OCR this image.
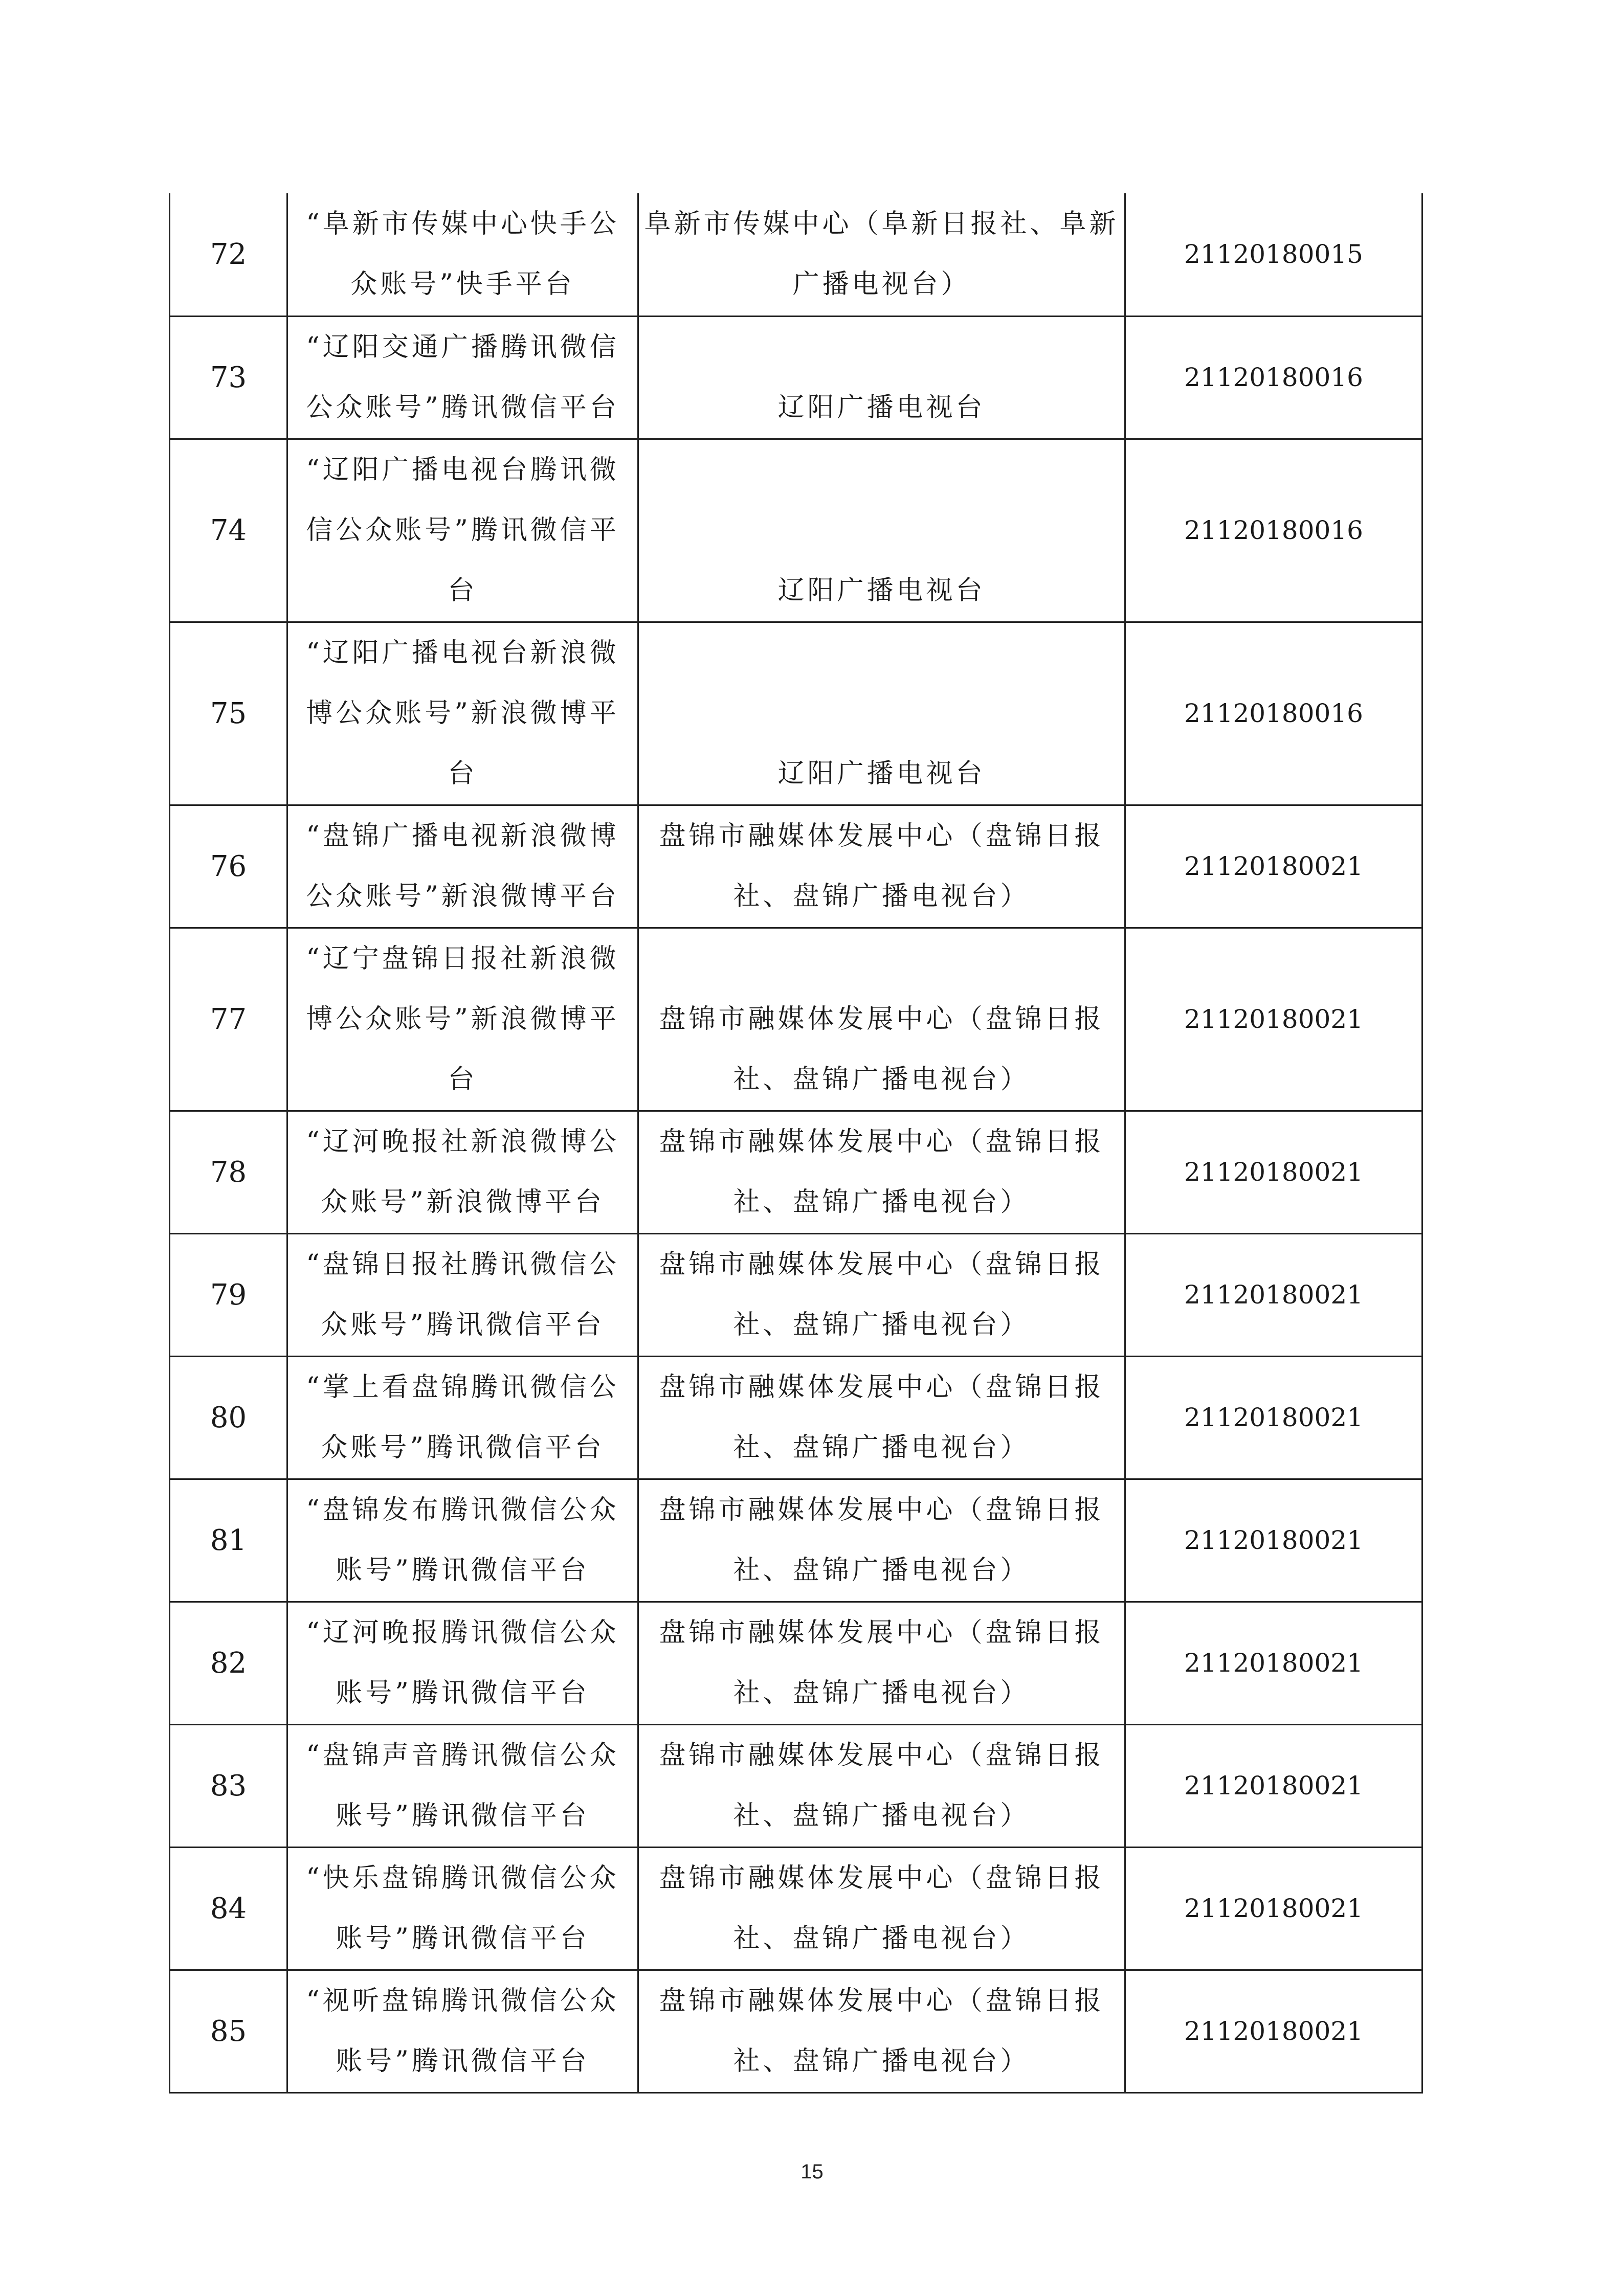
72	“阜新市传媒中心快手公
众账号”快手平台	阜新市传媒中心（阜新日报社、阜新
广播电视台）	21120180015
73	“辽阳交通广播腾讯微信
公众账号”腾讯微信平台	辽阳广播电视台	21120180016
74	“辽阳广播电视台腾讯微
信公众账号”腾讯微信平
台	辽阳广播电视台	21120180016
75	“辽阳广播电视台新浪微
博公众账号”新浪微博平
台	辽阳广播电视台	21120180016
76	“盘锦广播电视新浪微博
公众账号”新浪微博平台	盘锦市融媒体发展中心（盘锦日报
社、盘锦广播电视台）	21120180021
77	“辽宁盘锦日报社新浪微
博公众账号”新浪微博平
台	盘锦市融媒体发展中心（盘锦日报
社、盘锦广播电视台）	21120180021
78	“辽河晚报社新浪微博公
众账号”新浪微博平台	盘锦市融媒体发展中心（盘锦日报
社、盘锦广播电视台）	21120180021
79	“盘锦日报社腾讯微信公
众账号”腾讯微信平台	盘锦市融媒体发展中心（盘锦日报
社、盘锦广播电视台）	21120180021
80	“掌上看盘锦腾讯微信公
众账号”腾讯微信平台	盘锦市融媒体发展中心（盘锦日报
社、盘锦广播电视台）	21120180021
81	“盘锦发布腾讯微信公众
账号”腾讯微信平台	盘锦市融媒体发展中心（盘锦日报
社、盘锦广播电视台）	21120180021
82	“辽河晚报腾讯微信公众
账号”腾讯微信平台	盘锦市融媒体发展中心（盘锦日报
社、盘锦广播电视台）	21120180021
83	“盘锦声音腾讯微信公众
账号”腾讯微信平台	盘锦市融媒体发展中心（盘锦日报
社、盘锦广播电视台）	21120180021
84	“快乐盘锦腾讯微信公众
账号”腾讯微信平台	盘锦市融媒体发展中心（盘锦日报
社、盘锦广播电视台）	21120180021
85	“视听盘锦腾讯微信公众
账号”腾讯微信平台	盘锦市融媒体发展中心（盘锦日报
社、盘锦广播电视台）	21120180021
15
